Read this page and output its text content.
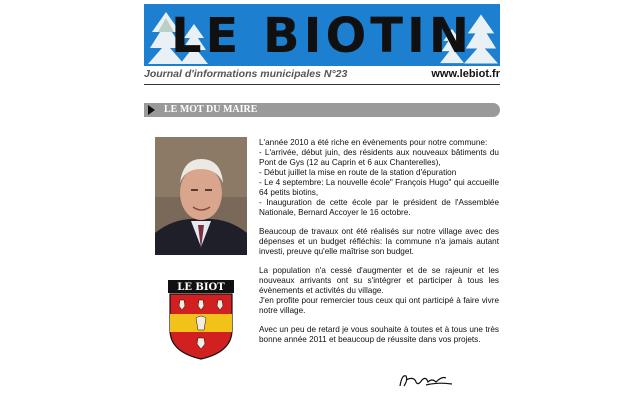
LE BIOTIN
Journal d'informations municipales N°23	www.lebiot.fr
LE MOT DU MAIRE
LE BIOT

L'année 2010 a été riche en évènements pour notre commune:
- L'arrivée, début juin, des résidents aux nouveaux bâtiments du Pont de Gys (12 au Caprin et 6 aux Chanterelles),
- Début juillet la mise en route de la station d'épuration
- Le 4 septembre: La nouvelle école" François Hugo" qui accueille 64 petits biotins,
- Inauguration de cette école par le président de l'Assemblée Nationale, Bernard Accoyer le 16 octobre.

Beaucoup de travaux ont été réalisés sur notre village avec des dépenses et un budget réfléchis: la commune n'a jamais autant investi, preuve qu'elle maîtrise son budget.

La population n'a cessé d'augmenter et de se rajeunir et les nouveaux arrivants ont su s'intégrer et participer à tous les évènements et activités du village.
J'en profite pour remercier tous ceux qui ont participé à faire vivre notre village.

Avec un peu de retard je vous souhaite à toutes et à tous une très bonne année 2011 et beaucoup de réussite dans vos projets.
